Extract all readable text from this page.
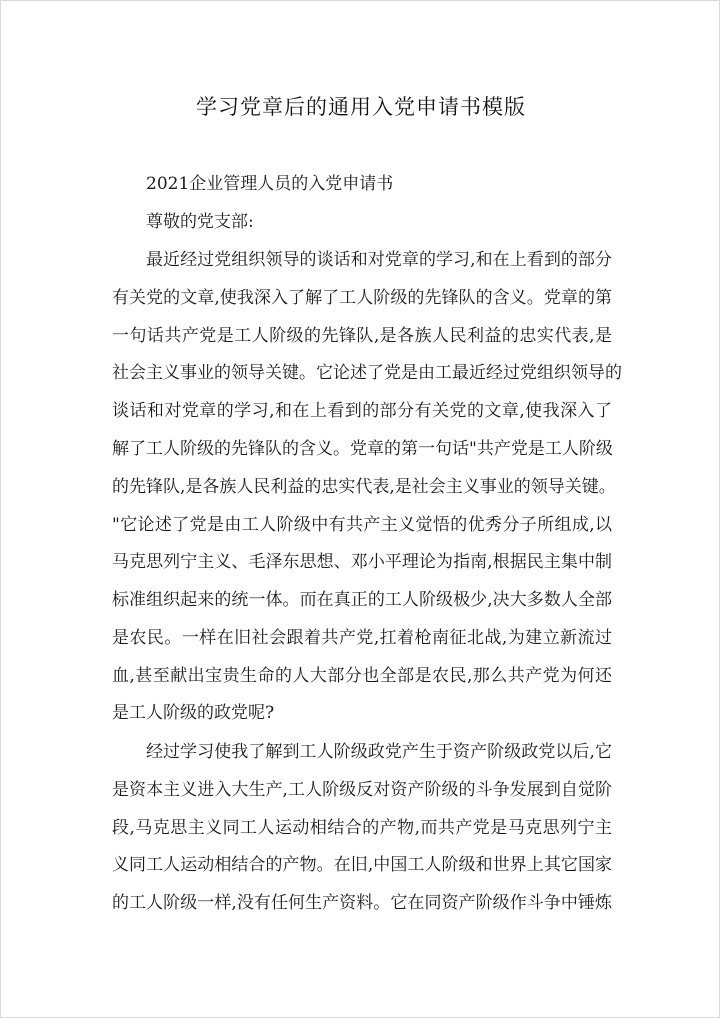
学习党章后的通用入党申请书模版
2021企业管理人员的入党申请书
尊敬的党支部:
最近经过党组织领导的谈话和对党章的学习,和在上看到的部分
有关党的文章,使我深入了解了工人阶级的先锋队的含义。党章的第
一句话共产党是工人阶级的先锋队,是各族人民利益的忠实代表,是
社会主义事业的领导关键。它论述了党是由工最近经过党组织领导的
谈话和对党章的学习,和在上看到的部分有关党的文章,使我深入了
解了工人阶级的先锋队的含义。党章的第一句话"共产党是工人阶级
的先锋队,是各族人民利益的忠实代表,是社会主义事业的领导关键。
"它论述了党是由工人阶级中有共产主义觉悟的优秀分子所组成,以
马克思列宁主义、毛泽东思想、邓小平理论为指南,根据民主集中制
标准组织起来的统一体。而在真正的工人阶级极少,决大多数人全部
是农民。一样在旧社会跟着共产党,扛着枪南征北战,为建立新流过
血,甚至献出宝贵生命的人大部分也全部是农民,那么共产党为何还
是工人阶级的政党呢?
经过学习使我了解到工人阶级政党产生于资产阶级政党以后,它
是资本主义进入大生产,工人阶级反对资产阶级的斗争发展到自觉阶
段,马克思主义同工人运动相结合的产物,而共产党是马克思列宁主
义同工人运动相结合的产物。在旧,中国工人阶级和世界上其它国家
的工人阶级一样,没有任何生产资料。它在同资产阶级作斗争中锤炼
